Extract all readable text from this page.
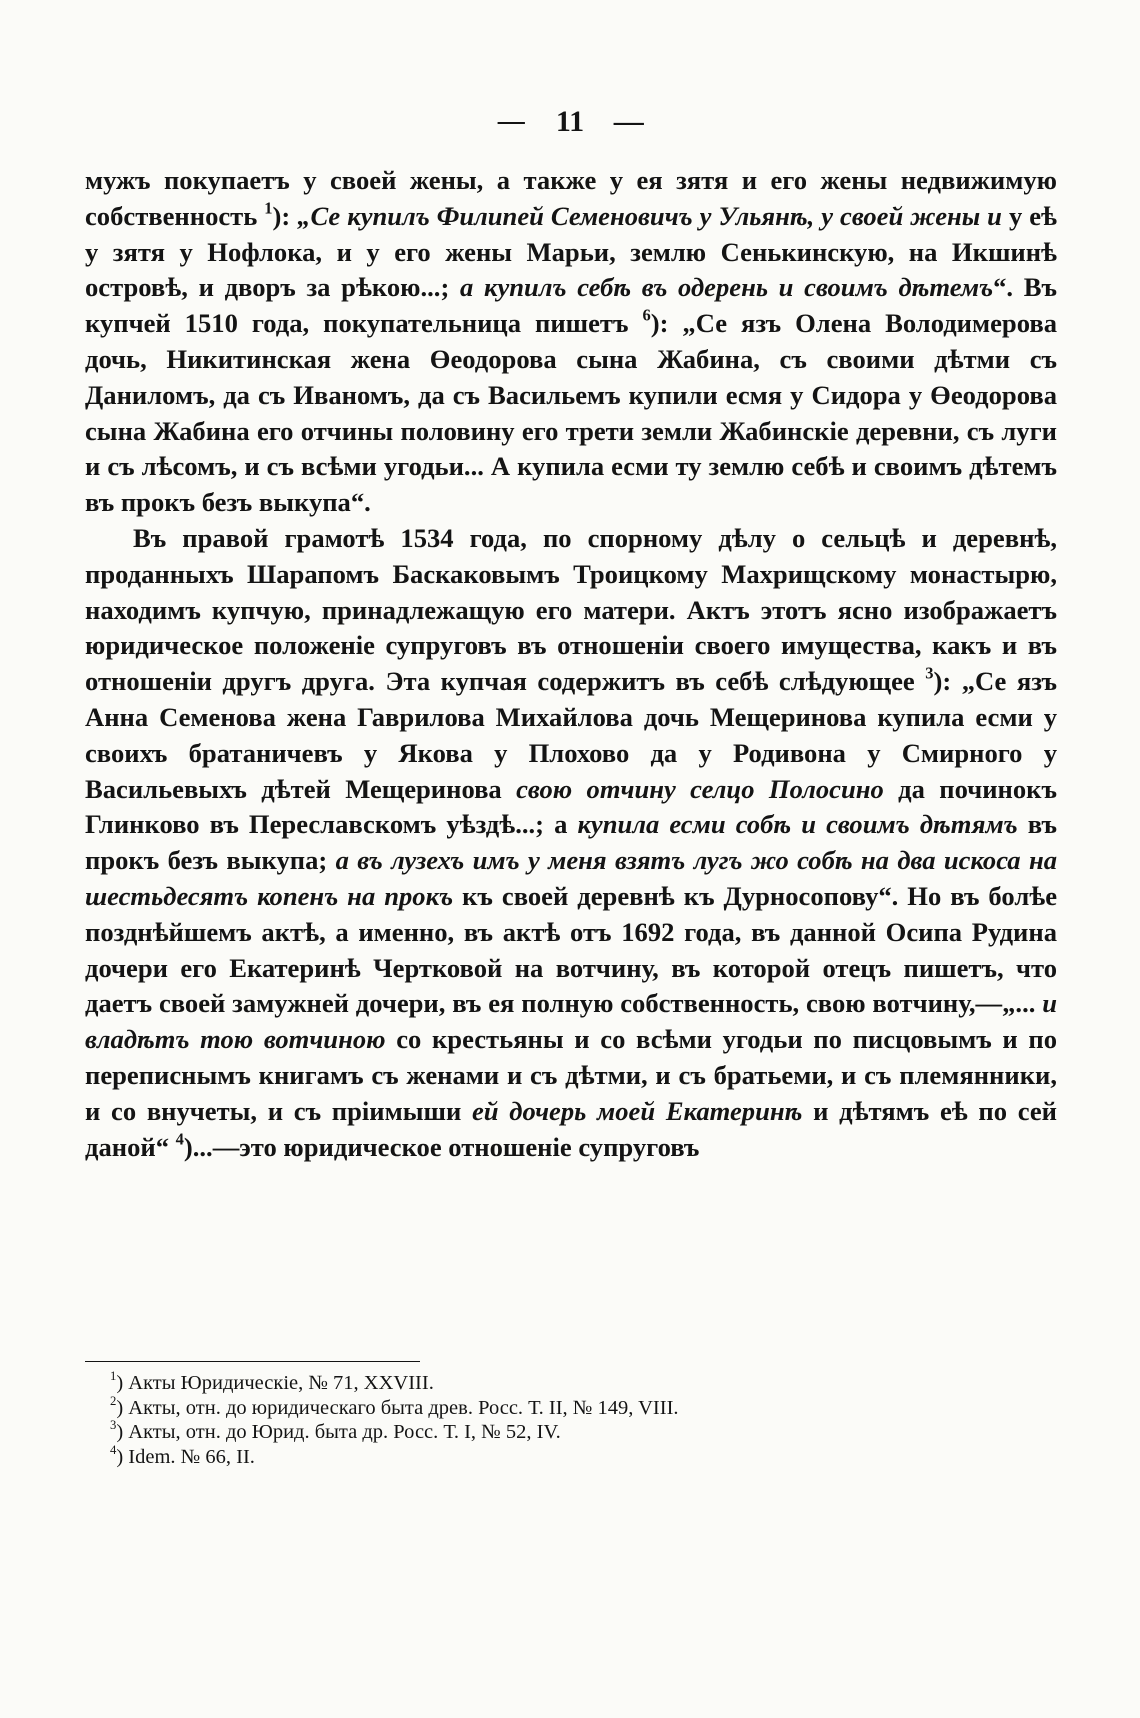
— 11 —

мужъ покупаетъ у своей жены, а также у ея зятя и его жены недвижимую собственность $^1$): „Се купилъ Филипей Семеновичъ у Ульянѣ, у своей жены и у eѣ у зятя у Нофлока, и у его жены Марьи, землю Сенькинскую, на Икшинѣ островѣ, и дворъ за рѣкою...; а купилъ себѣ въ одерень и своимъ дѣтемъ“. Въ купчей 1510 года, покупательница пишетъ $^6$): „Се язъ Олена Володимерова дочь, Никитинская жена Өеодорова сына Жабина, съ своими дѣтми съ Даниломъ, да съ Иваномъ, да съ Васильемъ купили есмя у Сидора у Өеодорова сына Жабина его отчины половину его трети земли Жабинскiе деревни, съ луги и съ лѣсомъ, и съ всѣми угодьи... А купила есми ту землю себѣ и своимъ дѣтемъ въ прокъ безъ выкупа“.

Въ правой грамотѣ 1534 года, по спорному дѣлу о сельцѣ и деревнѣ, проданныхъ Шарапомъ Баскаковымъ Троицкому Махрищскому монастырю, находимъ купчую, принадлежащую его матери. Актъ этотъ ясно изображаетъ юридическое положенiе супруговъ въ отношенiи своего имущества, какъ и въ отношенiи другъ друга. Эта купчая содержитъ въ себѣ слѣдующее $^3$): „Се язъ Анна Семенова жена Гаврилова Михайлова дочь Мещеринова купила есми у своихъ братаничевъ у Якова у Плохово да у Родивона у Смирного у Васильевыхъ дѣтей Мещеринова свою отчину селцо Полосино да починокъ Глинково въ Переславскомъ уѣздѣ...; а купила есми собѣ и своимъ дѣтямъ въ прокъ безъ выкупа; а въ лузехъ имъ у меня взятъ лугъ жо собѣ на два искоса на шестьдесятъ копенъ на прокъ къ своей деревнѣ къ Дурносопову“. Но въ болѣе позднѣйшемъ актѣ, а именно, въ актѣ отъ 1692 года, въ данной Осипа Рудина дочери его Екатеринѣ Чертковой на вотчину, въ которой отецъ пишетъ, что даетъ своей замужней дочери, въ ея полную собственность, свою вотчину,—„... и владѣтъ тою вотчиною со крестьяны и со всѣми угодьи по писцовымъ и по переписнымъ книгамъ съ женами и съ дѣтми, и съ братьеми, и съ племянники, и со внучеты, и съ прiимыши ей дочерь моей Екатеринѣ и дѣтямъ eѣ по сей даной“ $^4$)...—это юридическое отношенiе супруговъ

$^1$) Акты Юридическiе, № 71, XXVIII.

$^2$) Акты, отн. до юридическаго быта древ. Росс. Т. II, № 149, VIII.

$^3$) Акты, отн. до Юрид. быта др. Росс. Т. I, № 52, IV.

$^4$) Idem. № 66, II.
